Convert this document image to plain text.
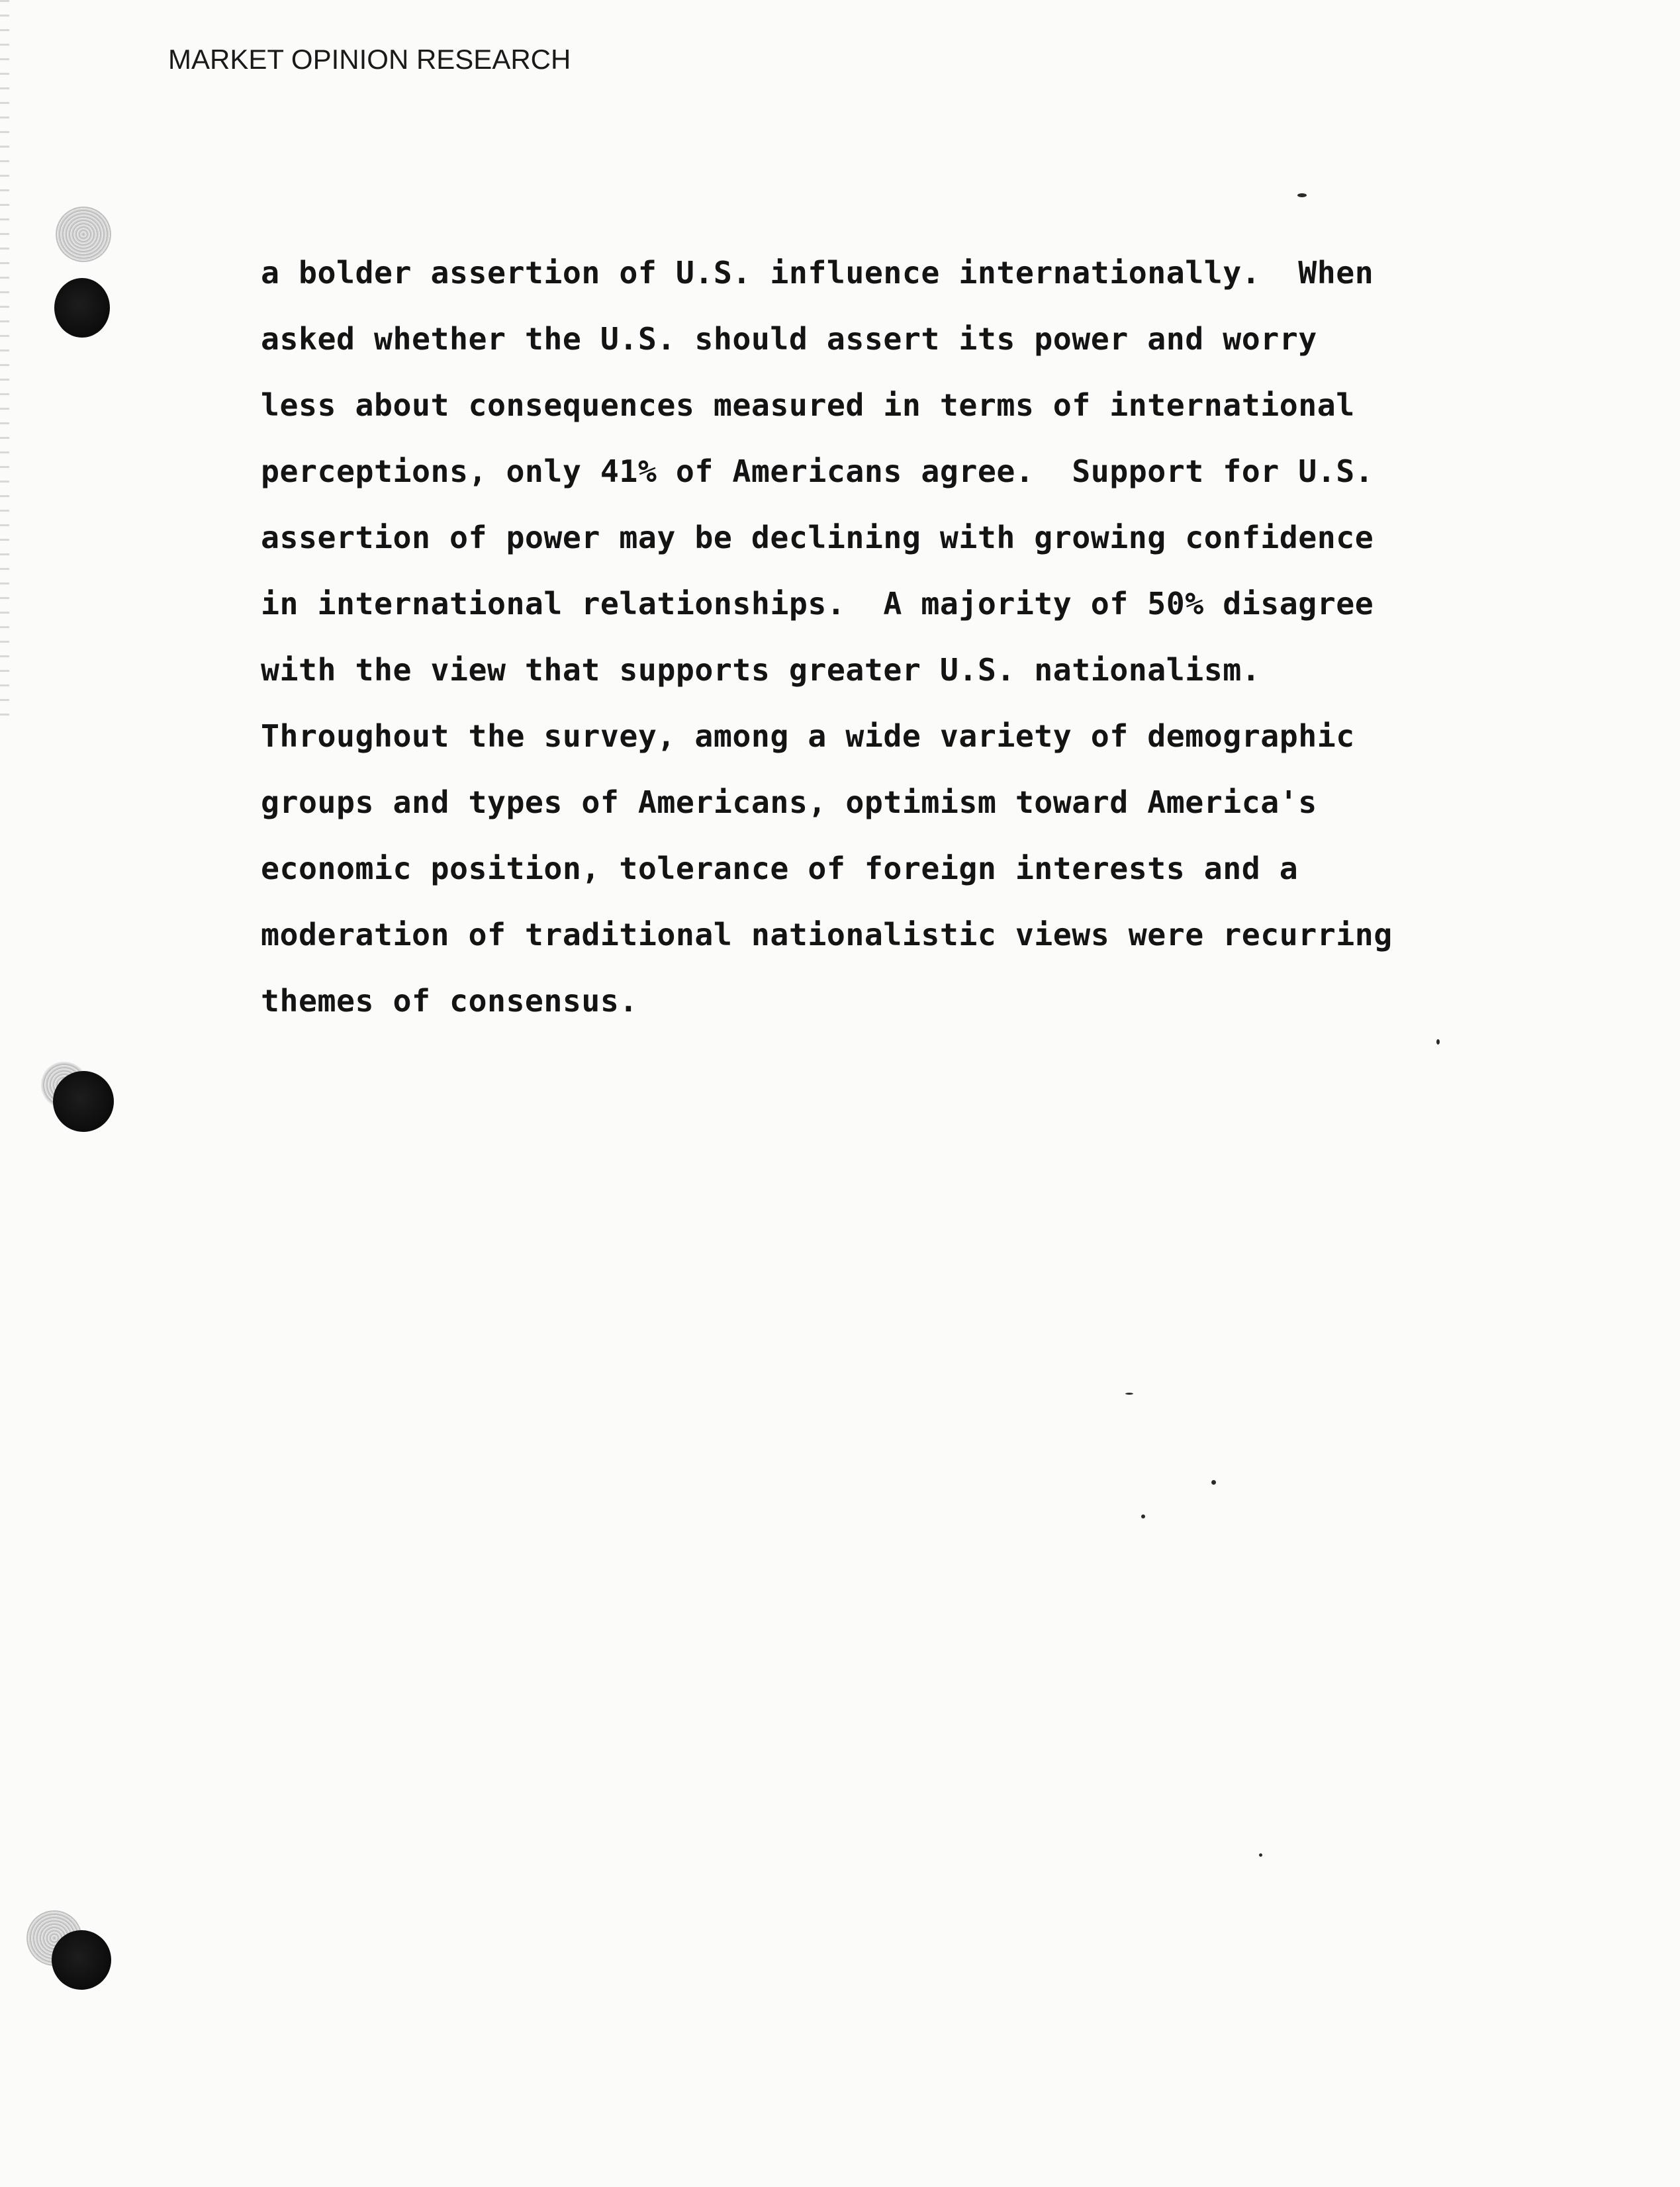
MARKET OPINION RESEARCH
a bolder assertion of U.S. influence internationally.  When
asked whether the U.S. should assert its power and worry
less about consequences measured in terms of international
perceptions, only 41% of Americans agree.  Support for U.S.
assertion of power may be declining with growing confidence
in international relationships.  A majority of 50% disagree
with the view that supports greater U.S. nationalism.
Throughout the survey, among a wide variety of demographic
groups and types of Americans, optimism toward America's
economic position, tolerance of foreign interests and a
moderation of traditional nationalistic views were recurring
themes of consensus.
